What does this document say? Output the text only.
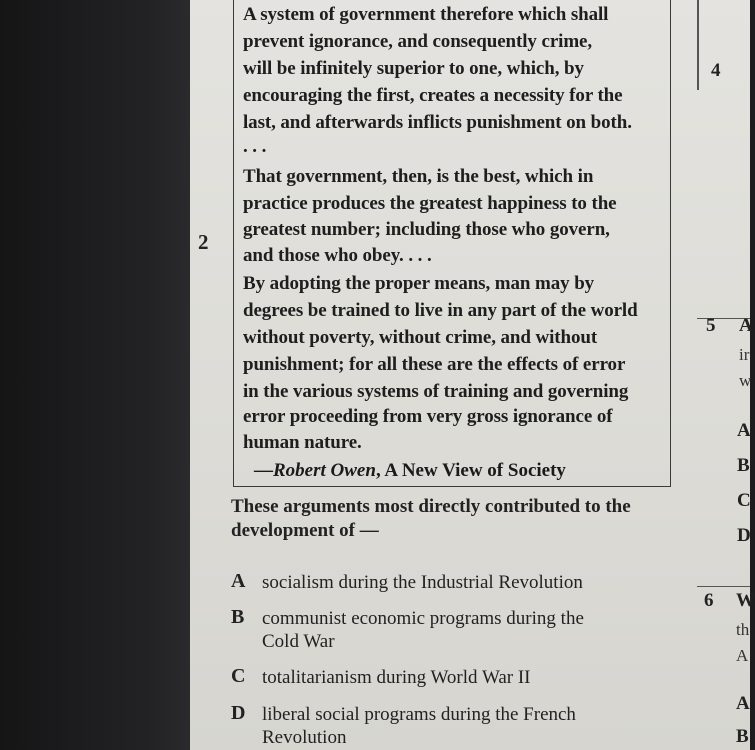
2
A system of government therefore which shall
prevent ignorance, and consequently crime,
will be infinitely superior to one, which, by
encouraging the first, creates a necessity for the
last, and afterwards inflicts punishment on both.
. . .
That government, then, is the best, which in
practice produces the greatest happiness to the
greatest number; including those who govern,
and those who obey. . . .
By adopting the proper means, man may by
degrees be trained to live in any part of the world
without poverty, without crime, and without
punishment; for all these are the effects of error
in the various systems of training and governing
error proceeding from very gross ignorance of
human nature.
—Robert Owen, A New View of Society
These arguments most directly contributed to the
development of —
A socialism during the Industrial Revolution
B communist economic programs during the
Cold War
C totalitarianism during World War II
D liberal social programs during the French
Revolution
4
5
6
A
ir
w
A
B
C
D
W
th
A
A
B
